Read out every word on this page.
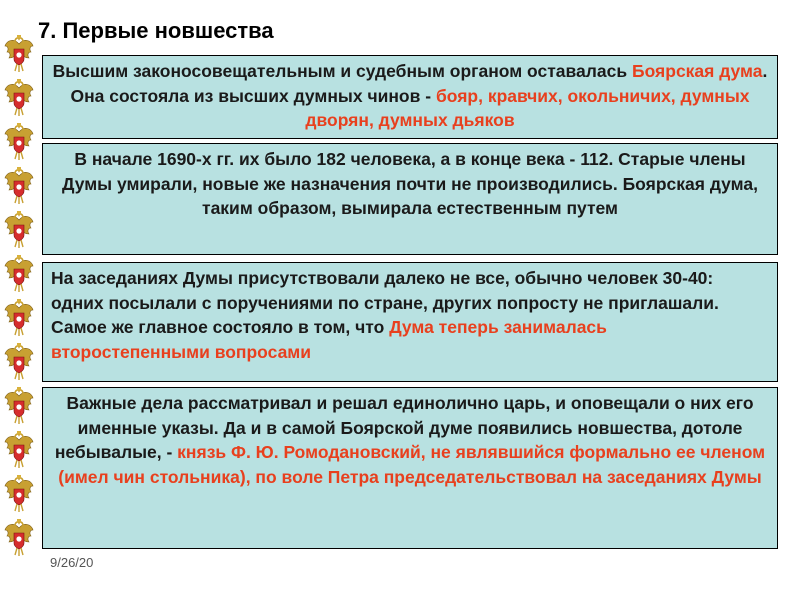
7. Первые новшества
Высшим законосовещательным и судебным органом оставалась Боярская дума. Она состояла из высших думных чинов - бояр, кравчих, окольничих, думных дворян, думных дьяков
В начале 1690-х гг. их было 182 человека, а в конце века - 112. Старые члены Думы умирали, новые же назначения почти не производились. Боярская дума, таким образом, вымирала естественным путем
На заседаниях Думы присутствовали далеко не все, обычно человек 30-40: одних посылали с поручениями по стране, других попросту не приглашали. Самое же главное состояло в том, что Дума теперь занималась второстепенными вопросами
Важные дела рассматривал и решал единолично царь, и оповещали о них его именные указы. Да и в самой Боярской думе появились новшества, дотоле небывалые, - князь Ф. Ю. Ромодановский, не являвшийся формально ее членом (имел чин стольника), по воле Петра председательствовал на заседаниях Думы
9/26/20
